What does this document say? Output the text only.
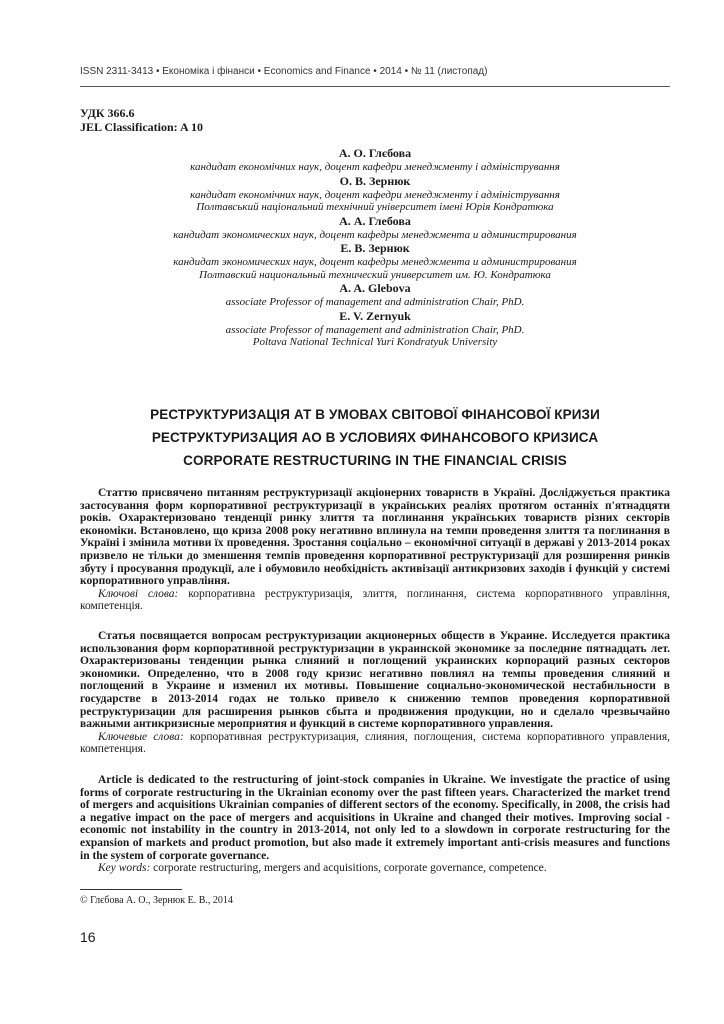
ISSN 2311-3413 • Економіка і фінанси • Economics and Finance • 2014 • № 11 (листопад)
УДК 366.6
JEL Classification: A 10
А. О. Глєбова
кандидат економічних наук, доцент кафедри менеджменту і адміністрування
О. В. Зернюк
кандидат економічних наук, доцент кафедри менеджменту і адміністрування
Полтавський національний технічний університет імені Юрія Кондратюка
А. А. Глебова
кандидат экономических наук, доцент кафедры менеджмента и администрирования
Е. В. Зернюк
кандидат экономических наук, доцент кафедры менеджмента и администрирования
Полтавский национальный технический университет им. Ю. Кондратюка
A. A. Glebova
associate Professor of management and administration Chair, PhD.
E. V. Zernyuk
associate Professor of management and administration Chair, PhD.
Poltava National Technical Yuri Kondratyuk University
РЕСТРУКТУРИЗАЦІЯ АТ В УМОВАХ СВІТОВОЇ ФІНАНСОВОЇ КРИЗИ
РЕСТРУКТУРИЗАЦИЯ АО В УСЛОВИЯХ ФИНАНСОВОГО КРИЗИСА
CORPORATE RESTRUCTURING IN THE FINANCIAL CRISIS

Статтю присвячено питанням реструктуризації акціонерних товариств в Україні. Досліджується практика застосування форм корпоративної реструктуризації в українських реаліях протягом останніх п'ятнадцяти років. Охарактеризовано тенденції ринку злиття та поглинання українських товариств різних секторів економіки. Встановлено, що криза 2008 року негативно вплинула на темпи проведення злиття та поглинання в Україні і змінила мотиви їх проведення. Зростання соціально – економічної ситуації в державі у 2013-2014 роках призвело не тільки до зменшення темпів проведення корпоративної реструктуризації для розширення ринків збуту і просування продукції, але і обумовило необхідність активізації антикризових заходів і функцій у системі корпоративного управління.

Ключові слова: корпоративна реструктуризація, злиття, поглинання, система корпоративного управління, компетенція.

Статья посвящается вопросам реструктуризации акционерных обществ в Украине. Исследуется практика использования форм корпоративной реструктуризации в украинской экономике за последние пятнадцать лет. Охарактеризованы тенденции рынка слияний и поглощений украинских корпораций разных секторов экономики. Определенно, что в 2008 году кризис негативно повлиял на темпы проведения слияний и поглощений в Украине и изменил их мотивы. Повышение социально-экономической нестабильности в государстве в 2013-2014 годах не только привело к снижению темпов проведения корпоративной реструктуризации для расширения рынков сбыта и продвижения продукции, но и сделало чрезвычайно важными антикризисные мероприятия и функций в системе корпоративного управления.

Ключевые слова: корпоративная реструктуризация, слияния, поглощения, система корпоративного управления, компетенция.

Article is dedicated to the restructuring of joint-stock companies in Ukraine. We investigate the practice of using forms of corporate restructuring in the Ukrainian economy over the past fifteen years. Characterized the market trend of mergers and acquisitions Ukrainian companies of different sectors of the economy. Specifically, in 2008, the crisis had a negative impact on the pace of mergers and acquisitions in Ukraine and changed their motives. Improving social -economic not instability in the country in 2013-2014, not only led to a slowdown in corporate restructuring for the expansion of markets and product promotion, but also made it extremely important anti-crisis measures and functions in the system of corporate governance.

Key words: corporate restructuring, mergers and acquisitions, corporate governance, competence.

© Глєбова А. О., Зернюк Е. В., 2014
16
